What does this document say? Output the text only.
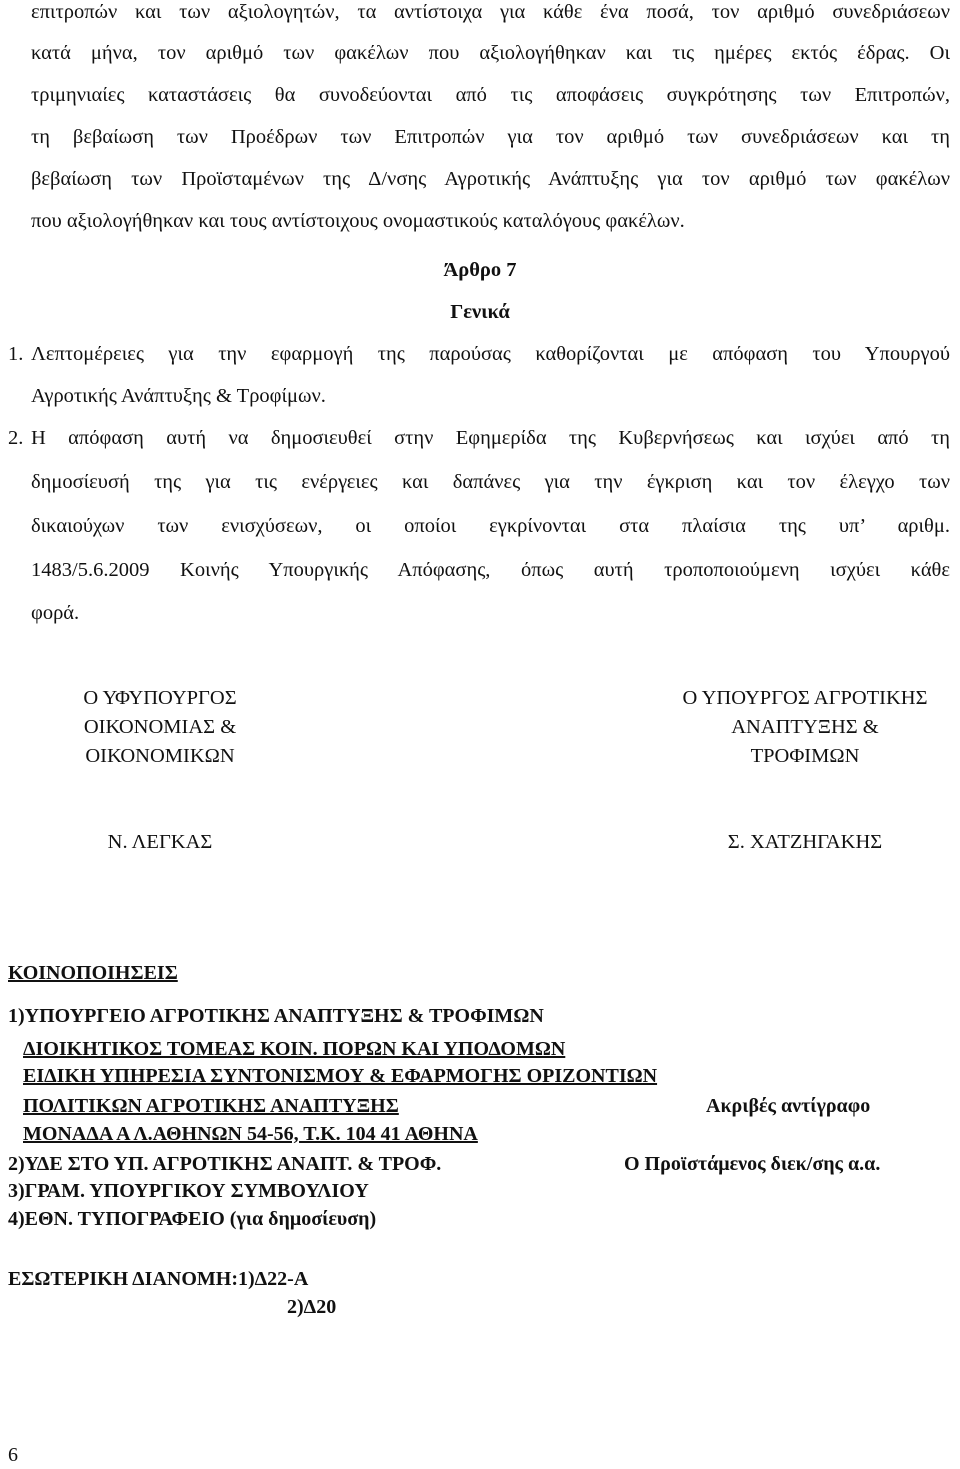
επιτροπών και των αξιολογητών, τα αντίστοιχα για κάθε ένα ποσά, τον αριθμό συνεδριάσεων
κατά μήνα, τον αριθμό των φακέλων που αξιολογήθηκαν και τις ημέρες εκτός έδρας. Οι
τριμηνιαίες καταστάσεις θα συνοδεύονται από τις αποφάσεις συγκρότησης των Επιτροπών,
τη βεβαίωση των Προέδρων των Επιτροπών για τον αριθμό των συνεδριάσεων και τη
βεβαίωση των Προϊσταμένων της Δ/νσης Αγροτικής Ανάπτυξης για τον αριθμό των φακέλων
που αξιολογήθηκαν και τους αντίστοιχους ονομαστικούς καταλόγους φακέλων.
Άρθρο 7
Γενικά
1. Λεπτομέρειες για την εφαρμογή της παρούσας καθορίζονται με απόφαση του Υπουργού
Αγροτικής Ανάπτυξης & Τροφίμων.
2. Η απόφαση αυτή να δημοσιευθεί στην Εφημερίδα της Κυβερνήσεως και ισχύει από τη
δημοσίευσή της για τις ενέργειες και δαπάνες για την έγκριση και τον έλεγχο των
δικαιούχων των ενισχύσεων, οι οποίοι εγκρίνονται στα πλαίσια της υπ’ αριθμ.
1483/5.6.2009 Κοινής Υπουργικής Απόφασης, όπως αυτή τροποποιούμενη ισχύει κάθε
φορά.
Ο ΥΦΥΠΟΥΡΓΟΣ
ΟΙΚΟΝΟΜΙΑΣ &
ΟΙΚΟΝΟΜΙΚΩΝ
Ο ΥΠΟΥΡΓΟΣ ΑΓΡΟΤΙΚΗΣ
ΑΝΑΠΤΥΞΗΣ &
ΤΡΟΦΙΜΩΝ
Ν. ΛΕΓΚΑΣ	Σ. ΧΑΤΖΗΓΑΚΗΣ
ΚΟΙΝΟΠΟΙΗΣΕΙΣ
1)ΥΠΟΥΡΓΕΙΟ ΑΓΡΟΤΙΚΗΣ ΑΝΑΠΤΥΞΗΣ & ΤΡΟΦΙΜΩΝ
ΔΙΟΙΚΗΤΙΚΟΣ ΤΟΜΕΑΣ ΚΟΙΝ. ΠΟΡΩΝ ΚΑΙ ΥΠΟΔΟΜΩΝ
ΕΙΔΙΚΗ ΥΠΗΡΕΣΙΑ ΣΥΝΤΟΝΙΣΜΟΥ & ΕΦΑΡΜΟΓΗΣ ΟΡΙΖΟΝΤΙΩΝ
ΠΟΛΙΤΙΚΩΝ ΑΓΡΟΤΙΚΗΣ ΑΝΑΠΤΥΞΗΣ	Ακριβές αντίγραφο
ΜΟΝΑΔΑ Α Λ.ΑΘΗΝΩΝ 54-56, Τ.Κ. 104 41 ΑΘΗΝΑ
2)ΥΔΕ ΣΤΟ ΥΠ. ΑΓΡΟΤΙΚΗΣ ΑΝΑΠΤ. & ΤΡΟΦ.	Ο Προϊστάμενος διεκ/σης α.α.
3)ΓΡΑΜ. ΥΠΟΥΡΓΙΚΟΥ ΣΥΜΒΟΥΛΙΟΥ
4)ΕΘΝ. ΤΥΠΟΓΡΑΦΕΙΟ (για δημοσίευση)
ΕΣΩΤΕΡΙΚΗ ΔΙΑΝΟΜΗ:1)Δ22-Α
2)Δ20
6
